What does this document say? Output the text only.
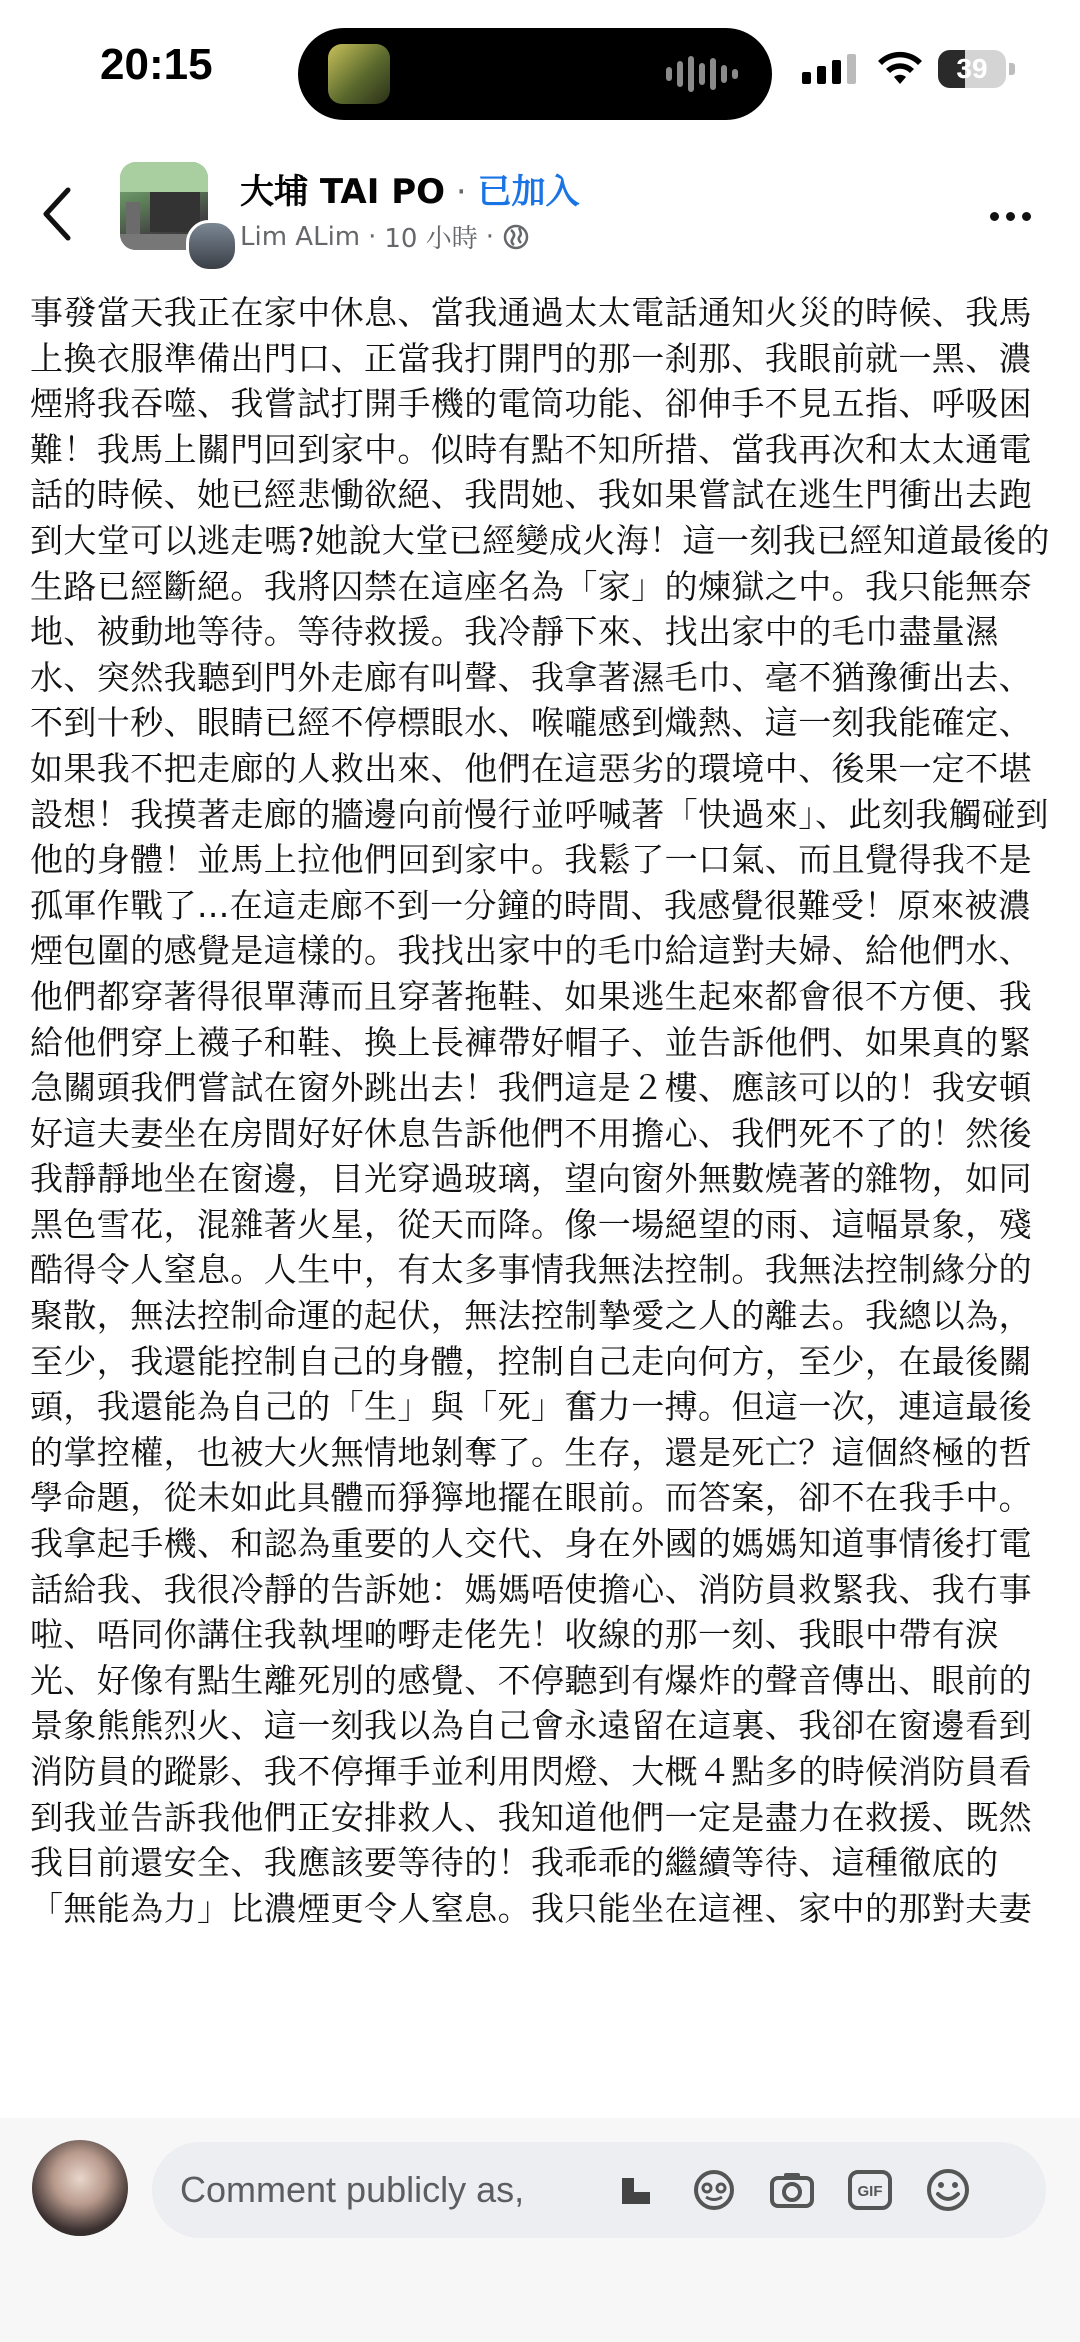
20:15	39
大埔 TAI PO · 已加入
Lim ALim · 10 小時 ·
事發當天我正在家中休息、當我通過太太電話通知火災的時候、我馬上換衣服準備出門口、正當我打開門的那一刹那、我眼前就一黑、濃煙將我吞噬、我嘗試打開手機的電筒功能、卻伸手不見五指、呼吸困難！我馬上關門回到家中。似時有點不知所措、當我再次和太太通電話的時候、她已經悲慟欲絕、我問她、我如果嘗試在逃生門衝出去跑到大堂可以逃走嗎?她說大堂已經變成火海！這一刻我已經知道最後的生路已經斷絕。我將囚禁在這座名為「家」的煉獄之中。我只能無奈地、被動地等待。等待救援。我冷靜下來、找出家中的毛巾盡量濕水、突然我聽到門外走廊有叫聲、我拿著濕毛巾、毫不猶豫衝出去、不到十秒、眼睛已經不停標眼水、喉嚨感到熾熱、這一刻我能確定、如果我不把走廊的人救出來、他們在這惡劣的環境中、後果一定不堪設想！我摸著走廊的牆邊向前慢行並呼喊著「快過來」、此刻我觸碰到他的身體！並馬上拉他們回到家中。我鬆了一口氣、而且覺得我不是孤軍作戰了...在這走廊不到一分鐘的時間、我感覺很難受！原來被濃煙包圍的感覺是這樣的。我找出家中的毛巾給這對夫婦、給他們水、他們都穿著得很單薄而且穿著拖鞋、如果逃生起來都會很不方便、我給他們穿上襪子和鞋、換上長褲帶好帽子、並告訴他們、如果真的緊急關頭我們嘗試在窗外跳出去！我們這是２樓、應該可以的！我安頓好這夫妻坐在房間好好休息告訴他們不用擔心、我們死不了的！然後我靜靜地坐在窗邊，目光穿過玻璃，望向窗外無數燒著的雜物，如同黑色雪花，混雜著火星，從天而降。像一場絕望的雨、這幅景象，殘酷得令人窒息。人生中，有太多事情我無法控制。我無法控制緣分的聚散，無法控制命運的起伏，無法控制摯愛之人的離去。我總以為，至少，我還能控制自己的身體，控制自己走向何方，至少，在最後關頭，我還能為自己的「生」與「死」奮力一搏。但這一次，連這最後的掌控權，也被大火無情地剝奪了。生存，還是死亡？這個終極的哲學命題，從未如此具體而猙獰地擺在眼前。而答案，卻不在我手中。
我拿起手機、和認為重要的人交代、身在外國的媽媽知道事情後打電話給我、我很冷靜的告訴她：媽媽唔使擔心、消防員救緊我、我冇事啦、唔同你講住我執埋啲嘢走佬先！收線的那一刻、我眼中帶有淚光、好像有點生離死別的感覺、不停聽到有爆炸的聲音傳出、眼前的景象熊熊烈火、這一刻我以為自己會永遠留在這裏、我卻在窗邊看到消防員的蹤影、我不停揮手並利用閃燈、大概４點多的時候消防員看到我並告訴我他們正安排救人、我知道他們一定是盡力在救援、既然我目前還安全、我應該要等待的！我乖乖的繼續等待、這種徹底的「無能為力」比濃煙更令人窒息。我只能坐在這裡、家中的那對夫妻
Comment publicly as,	GIF
